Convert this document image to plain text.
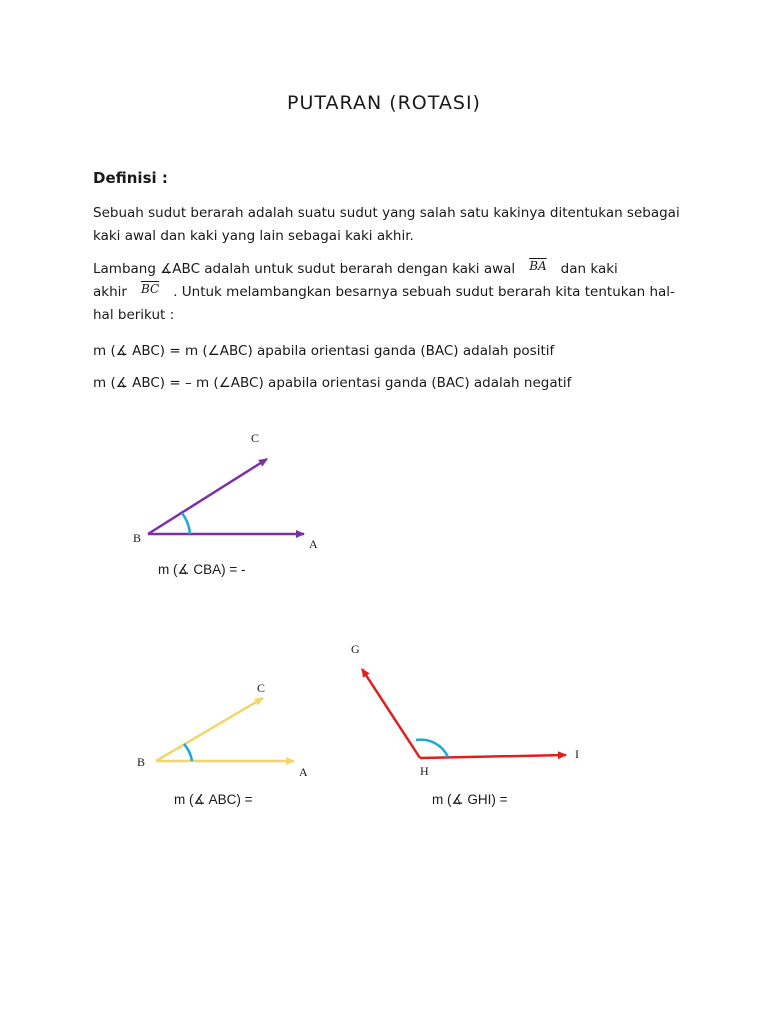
PUTARAN (ROTASI)
Definisi :
Sebuah sudut berarah adalah suatu sudut yang salah satu kakinya ditentukan sebagai kaki awal dan kaki yang lain sebagai kaki akhir.
Lambang ∡ABC adalah untuk sudut berarah dengan kaki awal $\overline{BA}$ dan kaki akhir $\overline{BC}$ . Untuk melambangkan besarnya sebuah sudut berarah kita tentukan hal-hal berikut :
m (∡ ABC) = m (∠ABC) apabila orientasi ganda (BAC) adalah positif
m (∡ ABC) = – m (∠ABC) apabila orientasi ganda (BAC) adalah negatif
C
B	A
m (∡ CBA) = -
C
B
A
m (∡ ABC) =
G
H
I
m (∡ GHI) =
